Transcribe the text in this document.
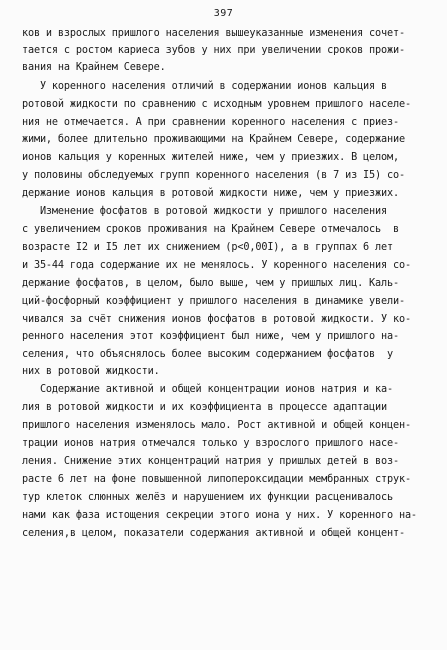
397
ков и взрослых пришлого населения вышеуказанные изменения сочет-
тается с ростом кариеса зубов у них при увеличении сроков прожи-
вания на Крайнем Севере.
У коренного населения отличий в содержании ионов кальция в
ротовой жидкости по сравнению с исходным уровнем пришлого населе-
ния не отмечается. А при сравнении коренного населения с приез-
жими, более длительно проживающими на Крайнем Севере, содержание
ионов кальция у коренных жителей ниже, чем у приезжих. В целом,
у половины обследуемых групп коренного населения (в 7 из I5) со-
держание ионов кальция в ротовой жидкости ниже, чем у приезжих.
Изменение фосфатов в ротовой жидкости у пришлого населения
с увеличением сроков проживания на Крайнем Севере отмечалось  в
возрасте I2 и I5 лет их снижением (p<0,00I), а в группах 6 лет
и 35-44 года содержание их не менялось. У коренного населения со-
держание фосфатов, в целом, было выше, чем у пришлых лиц. Каль-
ций-фосфорный коэффициент у пришлого населения в динамике увели-
чивался за счёт снижения ионов фосфатов в ротовой жидкости. У ко-
ренного населения этот коэффициент был ниже, чем у пришлого на-
селения, что объяснялось более высоким содержанием фосфатов  у
них в ротовой жидкости.
Содержание активной и общей концентрации ионов натрия и ка-
лия в ротовой жидкости и их коэффициента в процессе адаптации
пришлого населения изменялось мало. Рост активной и общей концен-
трации ионов натрия отмечался только у взрослого пришлого насе-
ления. Снижение этих концентраций натрия у пришлых детей в воз-
расте 6 лет на фоне повышенной липопероксидации мембранных струк-
тур клеток слюнных желёз и нарушением их функции расценивалось
нами как фаза истощения секреции этого иона у них. У коренного на-
селения,в целом, показатели содержания активной и общей концент-
